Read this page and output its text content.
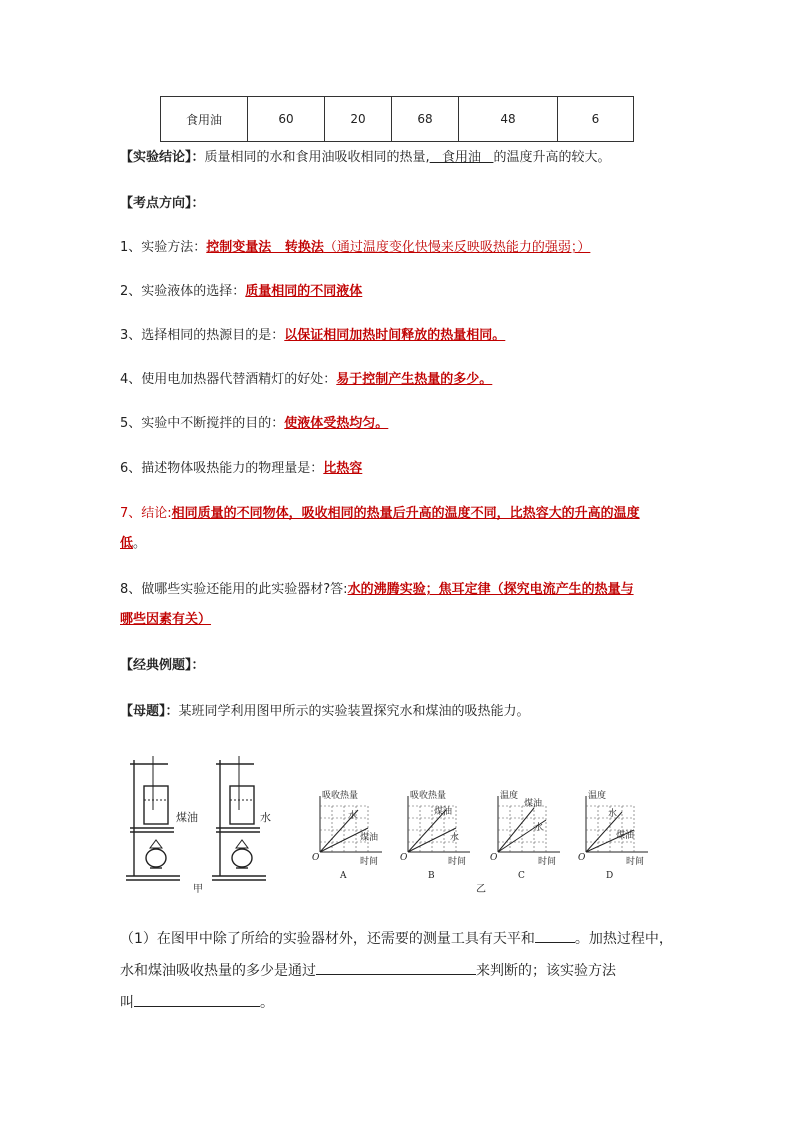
食用油	60	20	68	48	6
【实验结论】：质量相同的水和食用油吸收相同的热量,   食用油   的温度升高的较大。
【考点方向】：
1、实验方法：控制变量法   转换法（通过温度变化快慢来反映吸热能力的强弱；）
2、实验液体的选择：质量相同的不同液体
3、选择相同的热源目的是：以保证相同加热时间释放的热量相同。
4、使用电加热器代替酒精灯的好处：易于控制产生热量的多少。
5、实验中不断搅拌的目的：使液体受热均匀。
6、描述物体吸热能力的物理量是：比热容
7、结论:相同质量的不同物体，吸收相同的热量后升高的温度不同，比热容大的升高的温度
低。
8、做哪些实验还能用的此实验器材?答:水的沸腾实验；焦耳定律（探究电流产生的热量与
哪些因素有关）
【经典例题】：
【母题】：某班同学利用图甲所示的实验装置探究水和煤油的吸热能力。
煤油	水
甲
吸收热量
水
煤油
时间
O
A
吸收热量
煤油
水
时间
O
B
温度
煤油
水
时间
O
C
温度
水
煤油
时间
O
D
乙
（1）在图甲中除了所给的实验器材外，还需要的测量工具有天平和	。加热过程中，
水和煤油吸收热量的多少是通过	来判断的；该实验方法
叫	。
